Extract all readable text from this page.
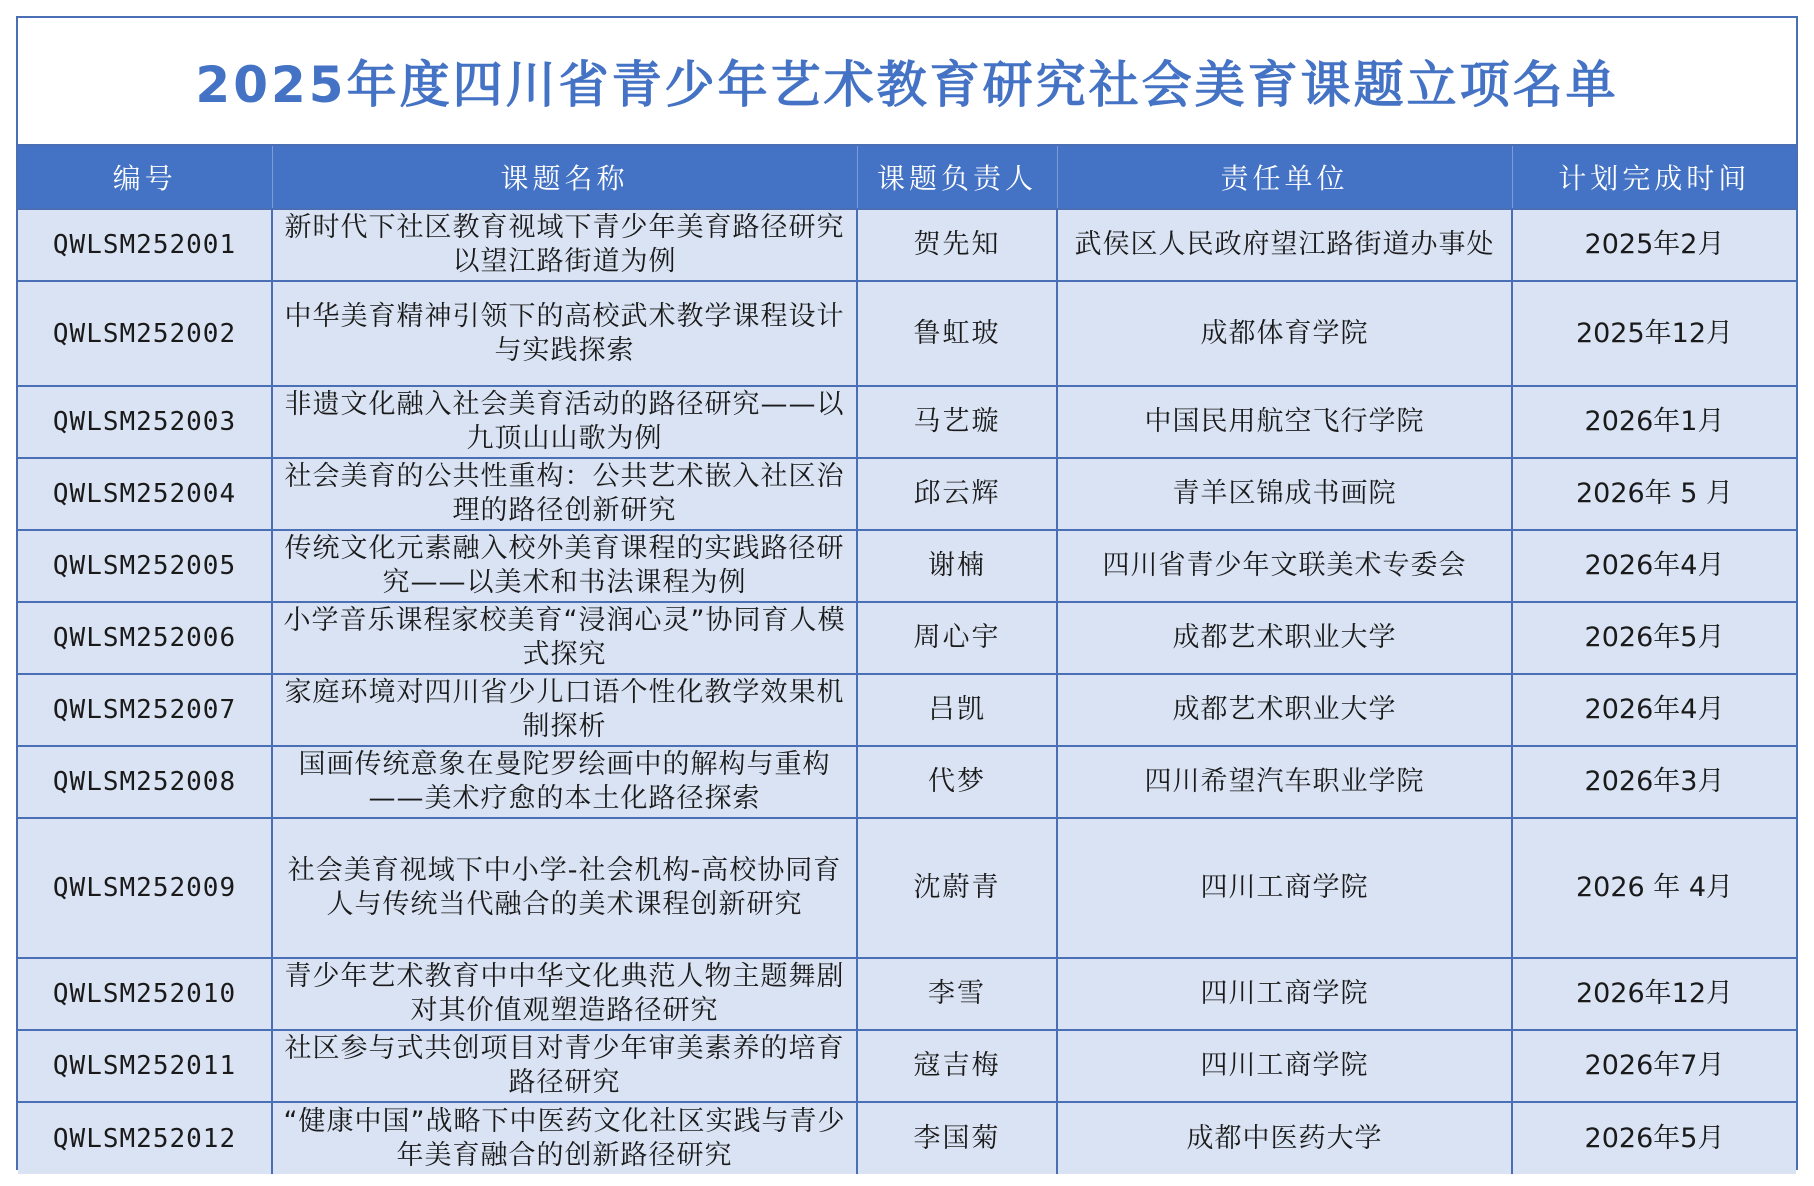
2025年度四川省青少年艺术教育研究社会美育课题立项名单
编号	课题名称	课题负责人	责任单位	计划完成时间
QWLSM252001	新时代下社区教育视域下青少年美育路径研究以望江路街道为例	贺先知	武侯区人民政府望江路街道办事处	2025年2月
QWLSM252002	中华美育精神引领下的高校武术教学课程设计与实践探索	鲁虹玻	成都体育学院	2025年12月
QWLSM252003	非遗文化融入社会美育活动的路径研究——以九顶山山歌为例	马艺璇	中国民用航空飞行学院	2026年1月
QWLSM252004	社会美育的公共性重构：公共艺术嵌入社区治理的路径创新研究	邱云辉	青羊区锦成书画院	2026年 5 月
QWLSM252005	传统文化元素融入校外美育课程的实践路径研究——以美术和书法课程为例	谢楠	四川省青少年文联美术专委会	2026年4月
QWLSM252006	小学音乐课程家校美育“浸润心灵”协同育人模式探究	周心宇	成都艺术职业大学	2026年5月
QWLSM252007	家庭环境对四川省少儿口语个性化教学效果机制探析	吕凯	成都艺术职业大学	2026年4月
QWLSM252008	国画传统意象在曼陀罗绘画中的解构与重构——美术疗愈的本土化路径探索	代梦	四川希望汽车职业学院	2026年3月
QWLSM252009	社会美育视域下中小学-社会机构-高校协同育人与传统当代融合的美术课程创新研究	沈蔚青	四川工商学院	2026 年 4月
QWLSM252010	青少年艺术教育中中华文化典范人物主题舞剧对其价值观塑造路径研究	李雪	四川工商学院	2026年12月
QWLSM252011	社区参与式共创项目对青少年审美素养的培育路径研究	寇吉梅	四川工商学院	2026年7月
QWLSM252012	“健康中国”战略下中医药文化社区实践与青少年美育融合的创新路径研究	李国菊	成都中医药大学	2026年5月
